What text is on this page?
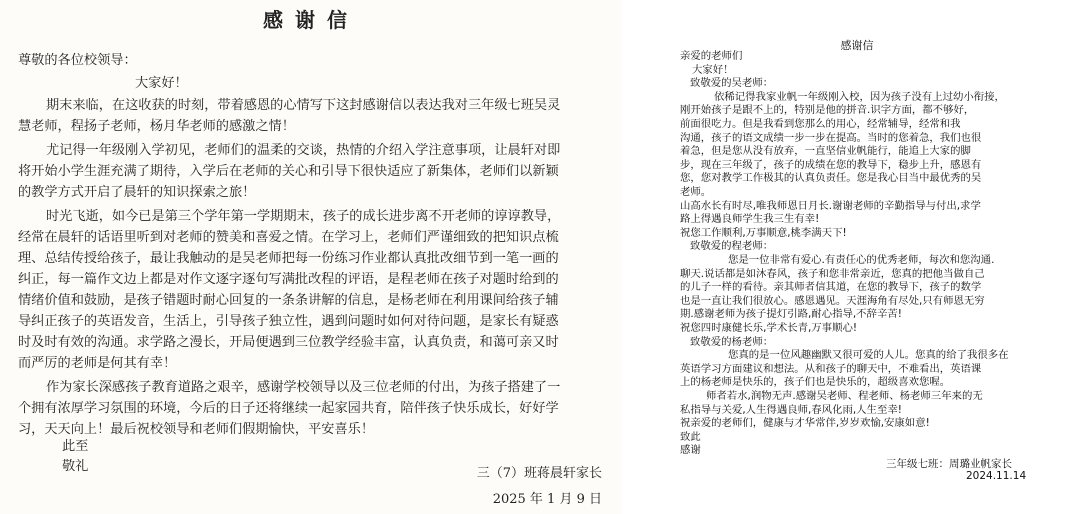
感谢信
尊敬的各位校领导：
大家好！
期末来临，在这收获的时刻，带着感恩的心情写下这封感谢信以表达我对三年级七班吴灵
慧老师，程扬子老师，杨月华老师的感激之情！
尤记得一年级刚入学初见，老师们的温柔的交谈，热情的介绍入学注意事项，让晨轩对即
将开始小学生涯充满了期待，入学后在老师的关心和引导下很快适应了新集体，老师们以新颖
的教学方式开启了晨轩的知识探索之旅！
时光飞逝，如今已是第三个学年第一学期期末，孩子的成长进步离不开老师的谆谆教导，
经常在晨轩的话语里听到对老师的赞美和喜爱之情。在学习上，老师们严谨细致的把知识点梳
理、总结传授给孩子，最让我触动的是吴老师把每一份练习作业都认真批改细节到一笔一画的
纠正，每一篇作文边上都是对作文逐字逐句写满批改程的评语，是程老师在孩子对题时给到的
情绪价值和鼓励，是孩子错题时耐心回复的一条条讲解的信息，是杨老师在利用课间给孩子辅
导纠正孩子的英语发音，生活上，引导孩子独立性，遇到问题时如何对待问题，是家长有疑惑
时及时有效的沟通。求学路之漫长，开局便遇到三位教学经验丰富，认真负责，和蔼可亲又时
而严厉的老师是何其有幸！
作为家长深感孩子教育道路之艰辛，感谢学校领导以及三位老师的付出，为孩子搭建了一
个拥有浓厚学习氛围的环境，今后的日子还将继续一起家园共育，陪伴孩子快乐成长，好好学
习，天天向上！最后祝校领导和老师们假期愉快，平安喜乐！
此至
敬礼	三（7）班蒋晨轩家长
2025 年 1 月 9 日
感谢信
亲爱的老师们
大家好！
致敬爱的吴老师：
依稀记得我家业帆一年级刚入校，因为孩子没有上过幼小衔接，
刚开始孩子是跟不上的，特别是他的拼音.识字方面，都不够好，
前面很吃力。但是我看到您那么的用心，经常辅导，经常和我
沟通，孩子的语文成绩一步一步在提高。当时的您着急，我们也很
着急，但是您从没有放弃，一直坚信业帆能行，能追上大家的脚
步，现在三年级了，孩子的成绩在您的教导下，稳步上升，感恩有
您，您对教学工作极其的认真负责任。您是我心目当中最优秀的吴
老师。
山高水长有时尽,唯我师恩日月长.谢谢老师的辛勤指导与付出,求学
路上得遇良师学生我三生有幸!
祝您工作顺利,万事顺意,桃李满天下!
致敬爱的程老师：
您是一位非常有爱心.有责任心的优秀老师，每次和您沟通.
聊天.说话都是如沐春风，孩子和您非常亲近，您真的把他当做自己
的儿子一样的看待。亲其师者信其道，在您的教导下，孩子的数学
也是一直让我们很放心。感恩遇见。天涯海角有尽处,只有师恩无穷
期.感谢老师为孩子提灯引路,耐心指导,不辞辛苦!
祝您四时康健长乐,学术长青,万事顺心!
致敬爱的杨老师：
您真的是一位风趣幽默又很可爱的人儿。您真的给了我很多在
英语学习方面建议和想法。从和孩子的聊天中，不难看出，英语课
上的杨老师是快乐的，孩子们也是快乐的，超级喜欢您喔。
师者若水,润物无声.感谢吴老师、程老师、杨老师三年来的无
私指导与关爱,人生得遇良师,春风化雨,人生至幸!
祝亲爱的老师们，健康与才华常伴,岁岁欢愉,安康如意!
致此
感谢
三年级七班：周璐业帆家长
2024.11.14
